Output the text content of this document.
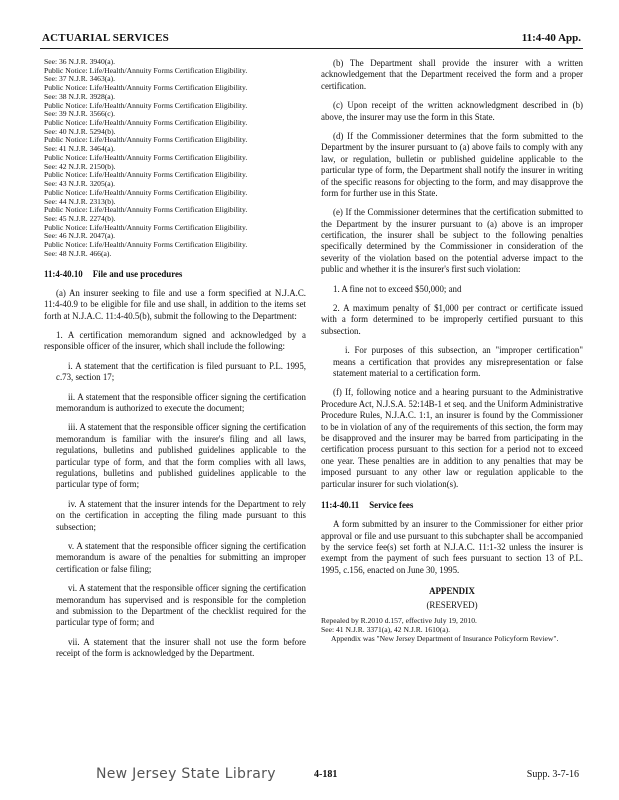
ACTUARIAL SERVICES	11:4-40 App.
See: 36 N.J.R. 3940(a).
Public Notice: Life/Health/Annuity Forms Certification Eligibility.
See: 37 N.J.R. 3463(a).
Public Notice: Life/Health/Annuity Forms Certification Eligibility.
See: 38 N.J.R. 3928(a).
Public Notice: Life/Health/Annuity Forms Certification Eligibility.
See: 39 N.J.R. 3566(c).
Public Notice: Life/Health/Annuity Forms Certification Eligibility.
See: 40 N.J.R. 5294(b).
Public Notice: Life/Health/Annuity Forms Certification Eligibility.
See: 41 N.J.R. 3464(a).
Public Notice: Life/Health/Annuity Forms Certification Eligibility.
See: 42 N.J.R. 2150(b).
Public Notice: Life/Health/Annuity Forms Certification Eligibility.
See: 43 N.J.R. 3205(a).
Public Notice: Life/Health/Annuity Forms Certification Eligibility.
See: 44 N.J.R. 2313(b).
Public Notice: Life/Health/Annuity Forms Certification Eligibility.
See: 45 N.J.R. 2274(b).
Public Notice: Life/Health/Annuity Forms Certification Eligibility.
See: 46 N.J.R. 2047(a).
Public Notice: Life/Health/Annuity Forms Certification Eligibility.
See: 48 N.J.R. 466(a).
11:4-40.10 File and use procedures

(a) An insurer seeking to file and use a form specified at N.J.A.C. 11:4-40.9 to be eligible for file and use shall, in addition to the items set forth at N.J.A.C. 11:4-40.5(b), submit the following to the Department:

1. A certification memorandum signed and acknowledged by a responsible officer of the insurer, which shall include the following:

i. A statement that the certification is filed pursuant to P.L. 1995, c.73, section 17;

ii. A statement that the responsible officer signing the certification memorandum is authorized to execute the document;

iii. A statement that the responsible officer signing the certification memorandum is familiar with the insurer's filing and all laws, regulations, bulletins and published guidelines applicable to the particular type of form, and that the form complies with all laws, regulations, bulletins and published guidelines applicable to the particular type of form;

iv. A statement that the insurer intends for the Department to rely on the certification in accepting the filing made pursuant to this subsection;

v. A statement that the responsible officer signing the certification memorandum is aware of the penalties for submitting an improper certification or false filing;

vi. A statement that the responsible officer signing the certification memorandum has supervised and is responsible for the completion and submission to the Department of the checklist required for the particular type of form; and

vii. A statement that the insurer shall not use the form before receipt of the form is acknowledged by the Department.

(b) The Department shall provide the insurer with a written acknowledgement that the Department received the form and a proper certification.

(c) Upon receipt of the written acknowledgment described in (b) above, the insurer may use the form in this State.

(d) If the Commissioner determines that the form submitted to the Department by the insurer pursuant to (a) above fails to comply with any law, or regulation, bulletin or published guideline applicable to the particular type of form, the Department shall notify the insurer in writing of the specific reasons for objecting to the form, and may disapprove the form for further use in this State.

(e) If the Commissioner determines that the certification submitted to the Department by the insurer pursuant to (a) above is an improper certification, the insurer shall be subject to the following penalties specifically determined by the Commissioner in consideration of the severity of the violation based on the potential adverse impact to the public and whether it is the insurer's first such violation:

1. A fine not to exceed $50,000; and

2. A maximum penalty of $1,000 per contract or certificate issued with a form determined to be improperly certified pursuant to this subsection.

i. For purposes of this subsection, an "improper certification" means a certification that provides any misrepresentation or false statement material to a certification form.

(f) If, following notice and a hearing pursuant to the Administrative Procedure Act, N.J.S.A. 52:14B-1 et seq. and the Uniform Administrative Procedure Rules, N.J.A.C. 1:1, an insurer is found by the Commissioner to be in violation of any of the requirements of this section, the form may be disapproved and the insurer may be barred from participating in the certification process pursuant to this section for a period not to exceed one year. These penalties are in addition to any penalties that may be imposed pursuant to any other law or regulation applicable to the particular insurer for such violation(s).

11:4-40.11 Service fees

A form submitted by an insurer to the Commissioner for either prior approval or file and use pursuant to this subchapter shall be accompanied by the service fee(s) set forth at N.J.A.C. 11:1-32 unless the insurer is exempt from the payment of such fees pursuant to section 13 of P.L. 1995, c.156, enacted on June 30, 1995.

APPENDIX
(RESERVED)
Repealed by R.2010 d.157, effective July 19, 2010.
See: 41 N.J.R. 3371(a), 42 N.J.R. 1610(a).
Appendix was "New Jersey Department of Insurance Policyform Review".
New Jersey State Library	4-181	Supp. 3-7-16
